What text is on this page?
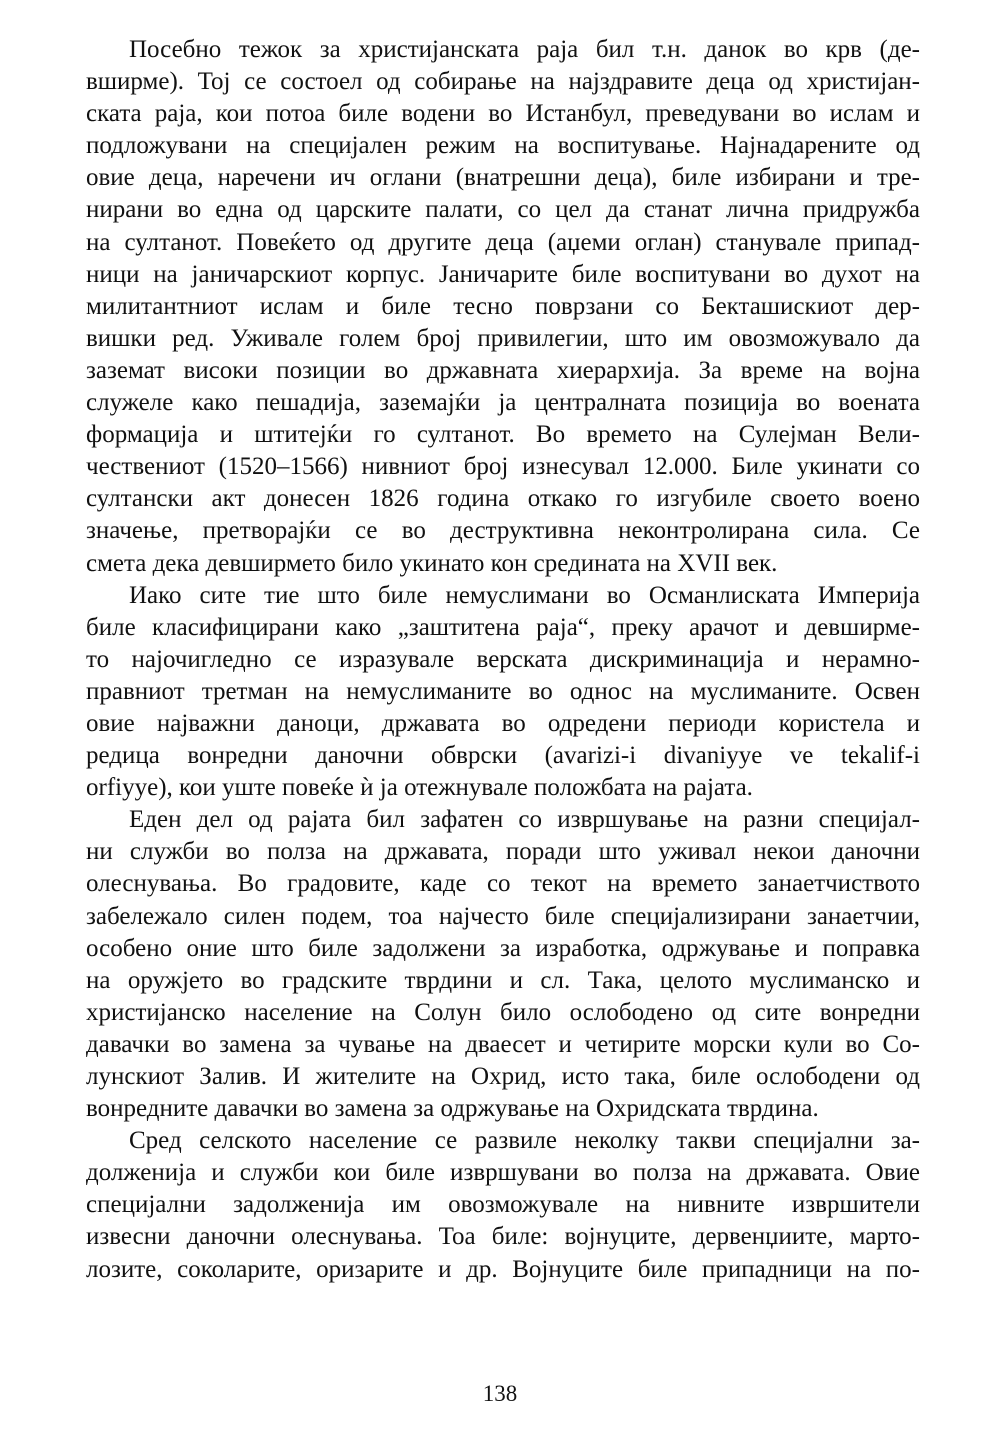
Посебно тежок за христијанската раја бил т.н. данок во крв (де-
вширме). Тој се состоел од собирање на најздравите деца од христијан-
ската раја, кои потоа биле водени во Истанбул, преведувани во ислам и
подложувани на специјален режим на воспитување. Најнадарените од
овие деца, наречени ич оглани (внатрешни деца), биле избирани и тре-
нирани во една од царските палати, со цел да станат лична придружба
на султанот. Повеќето од другите деца (аџеми оглан) станувале припад-
ници на јаничарскиот корпус. Јаничарите биле воспитувани во духот на
милитантниот ислам и биле тесно поврзани со Бекташискиот дер-
вишки ред. Уживале голем број привилегии, што им овозможувало да
заземат високи позиции во државната хиерархија. За време на војна
служеле како пешадија, заземајќи ја централната позиција во воената
формација и штитејќи го султанот. Во времето на Сулејман Вели-
чествениот (1520–1566) нивниот број изнесувал 12.000. Биле укинати со
султански акт донесен 1826 година откако го изгубиле своето воено
значење, претворајќи се во деструктивна неконтролирана сила. Се
смета дека девширмето било укинато кон средината на XVII век.

Иако сите тие што биле немуслимани во Османлиската Империја
биле класифицирани како „заштитена раја“, преку арачот и девширме-
то најочигледно се изразувале верската дискриминација и нерамно-
правниот третман на немуслиманите во однос на муслиманите. Освен
овие најважни даноци, државата во одредени периоди користела и
редица вонредни даночни обврски (avarizi-i divaniyye ve tekalif-i
orfiyye), кои уште повеќе ѝ ја отежнувале положбата на рајата.

Еден дел од рајата бил зафатен со извршување на разни специјал-
ни служби во полза на државата, поради што уживал некои даночни
олеснувања. Во градовите, каде со текот на времето занаетчиството
забележало силен подем, тоа најчесто биле специјализирани занаетчии,
особено оние што биле задолжени за изработка, одржување и поправка
на оружјето во градските тврдини и сл. Така, целото муслиманско и
христијанско население на Солун било ослободено од сите вонредни
давачки во замена за чување на дваесет и четирите морски кули во Со-
лунскиот Залив. И жителите на Охрид, исто така, биле ослободени од
вонредните давачки во замена за одржување на Охридската тврдина.

Сред селското население се развиле неколку такви специјални за-
должениja и служби кои биле извршувани во полза на државата. Овие
специјални задолженија им овозможувале на нивните извршители
извесни даночни олеснувања. Тоа биле: војнуците, дервенџиите, марто-
лозите, соколарите, оризарите и др. Војнуците биле припадници на по-

138
